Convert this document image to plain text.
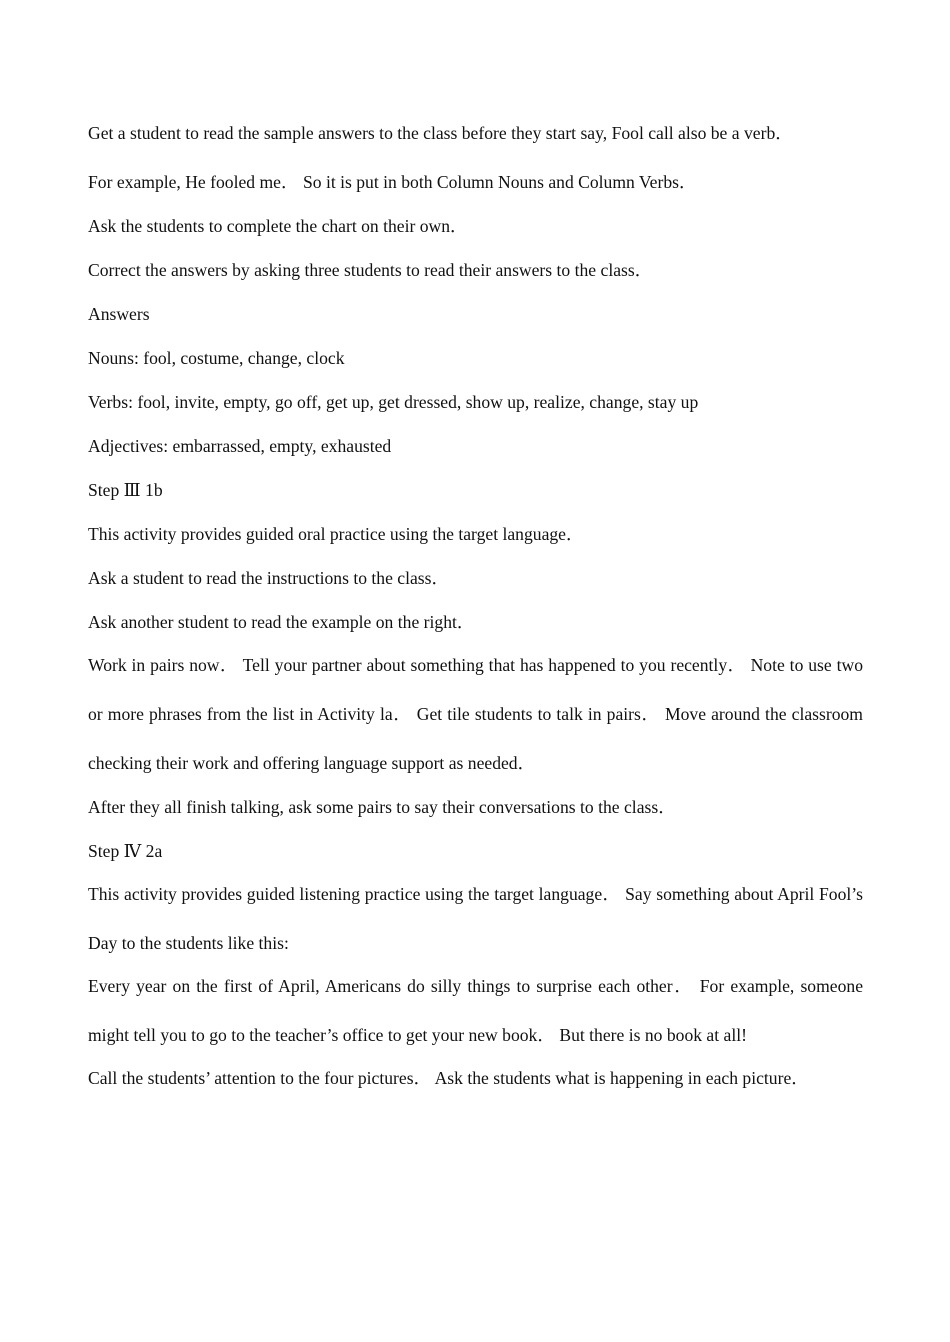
Get a student to read the sample answers to the class before they start say, Fool call also be a verb．

For example, He fooled me． So it is put in both Column Nouns and Column Verbs．

Ask the students to complete the chart on their own．

Correct the answers by asking three students to read their answers to the class．

Answers

Nouns: fool, costume, change, clock

Verbs: fool, invite, empty, go off, get up, get dressed, show up, realize, change, stay up

Adjectives: embarrassed, empty, exhausted

Step Ⅲ 1b

This activity provides guided oral practice using the target language．

Ask a student to read the instructions to the class．

Ask another student to read the example on the right．

Work in pairs now． Tell your partner about something that has happened to you recently． Note to use two or more phrases from the list in Activity la． Get tile students to talk in pairs． Move around the classroom checking their work and offering language support as needed．

After they all finish talking, ask some pairs to say their conversations to the class．

Step Ⅳ 2a

This activity provides guided listening practice using the target language． Say something about April Fool’s Day to the students like this:

Every year on the first of April, Americans do silly things to surprise each other． For example, someone might tell you to go to the teacher’s office to get your new book． But there is no book at all!

Call the students’ attention to the four pictures． Ask the students what is happening in each picture．
